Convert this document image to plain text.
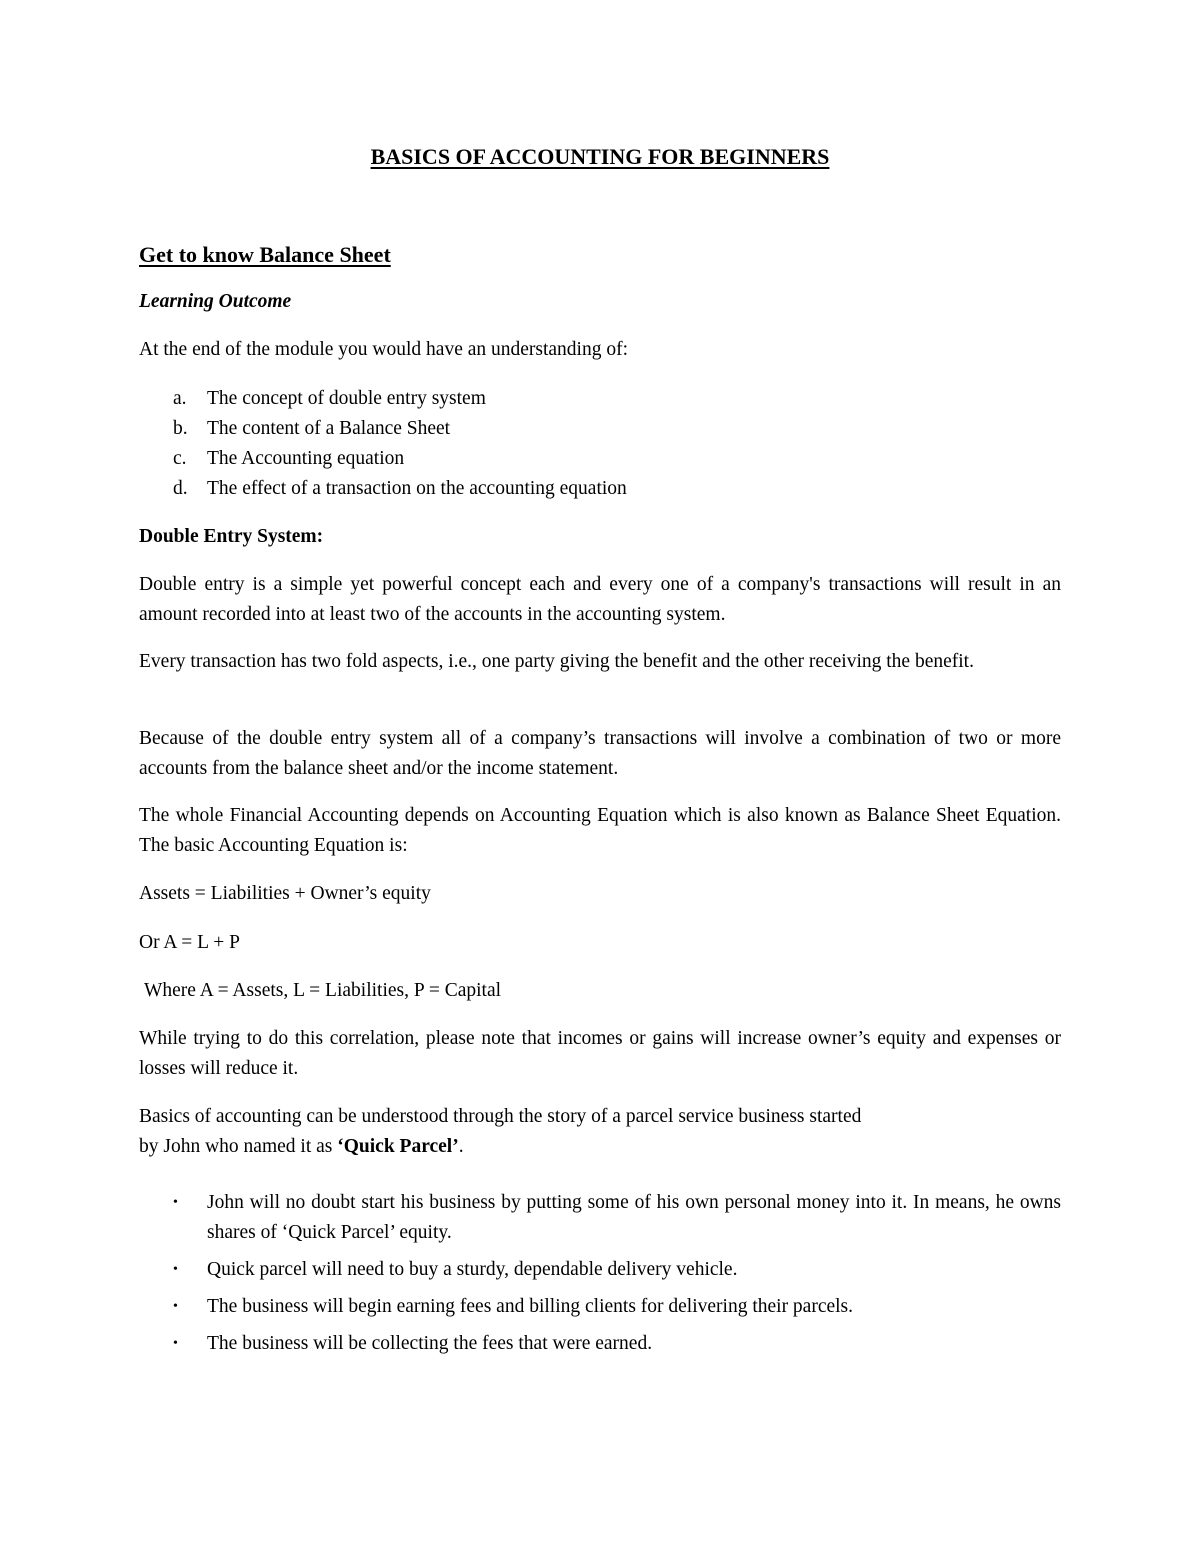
BASICS OF ACCOUNTING FOR BEGINNERS
Get to know Balance Sheet

Learning Outcome

At the end of the module you would have an understanding of:

a. The concept of double entry system
b. The content of a Balance Sheet
c. The Accounting equation
d. The effect of a transaction on the accounting equation

Double Entry System:

Double entry is a simple yet powerful concept each and every one of a company's transactions will result in an amount recorded into at least two of the accounts in the accounting system.

Every transaction has two fold aspects, i.e., one party giving the benefit and the other receiving the benefit.

Because of the double entry system all of a company’s transactions will involve a combination of two or more accounts from the balance sheet and/or the income statement.

The whole Financial Accounting depends on Accounting Equation which is also known as Balance Sheet Equation. The basic Accounting Equation is:

Assets = Liabilities + Owner’s equity

Or A = L + P

Where A = Assets, L = Liabilities, P = Capital

While trying to do this correlation, please note that incomes or gains will increase owner’s equity and expenses or losses will reduce it.

Basics of accounting can be understood through the story of a parcel service business started
by John who named it as ‘Quick Parcel’.
• John will no doubt start his business by putting some of his own personal money into it. In means, he owns shares of ‘Quick Parcel’ equity.
• Quick parcel will need to buy a sturdy, dependable delivery vehicle.
• The business will begin earning fees and billing clients for delivering their parcels.
• The business will be collecting the fees that were earned.
